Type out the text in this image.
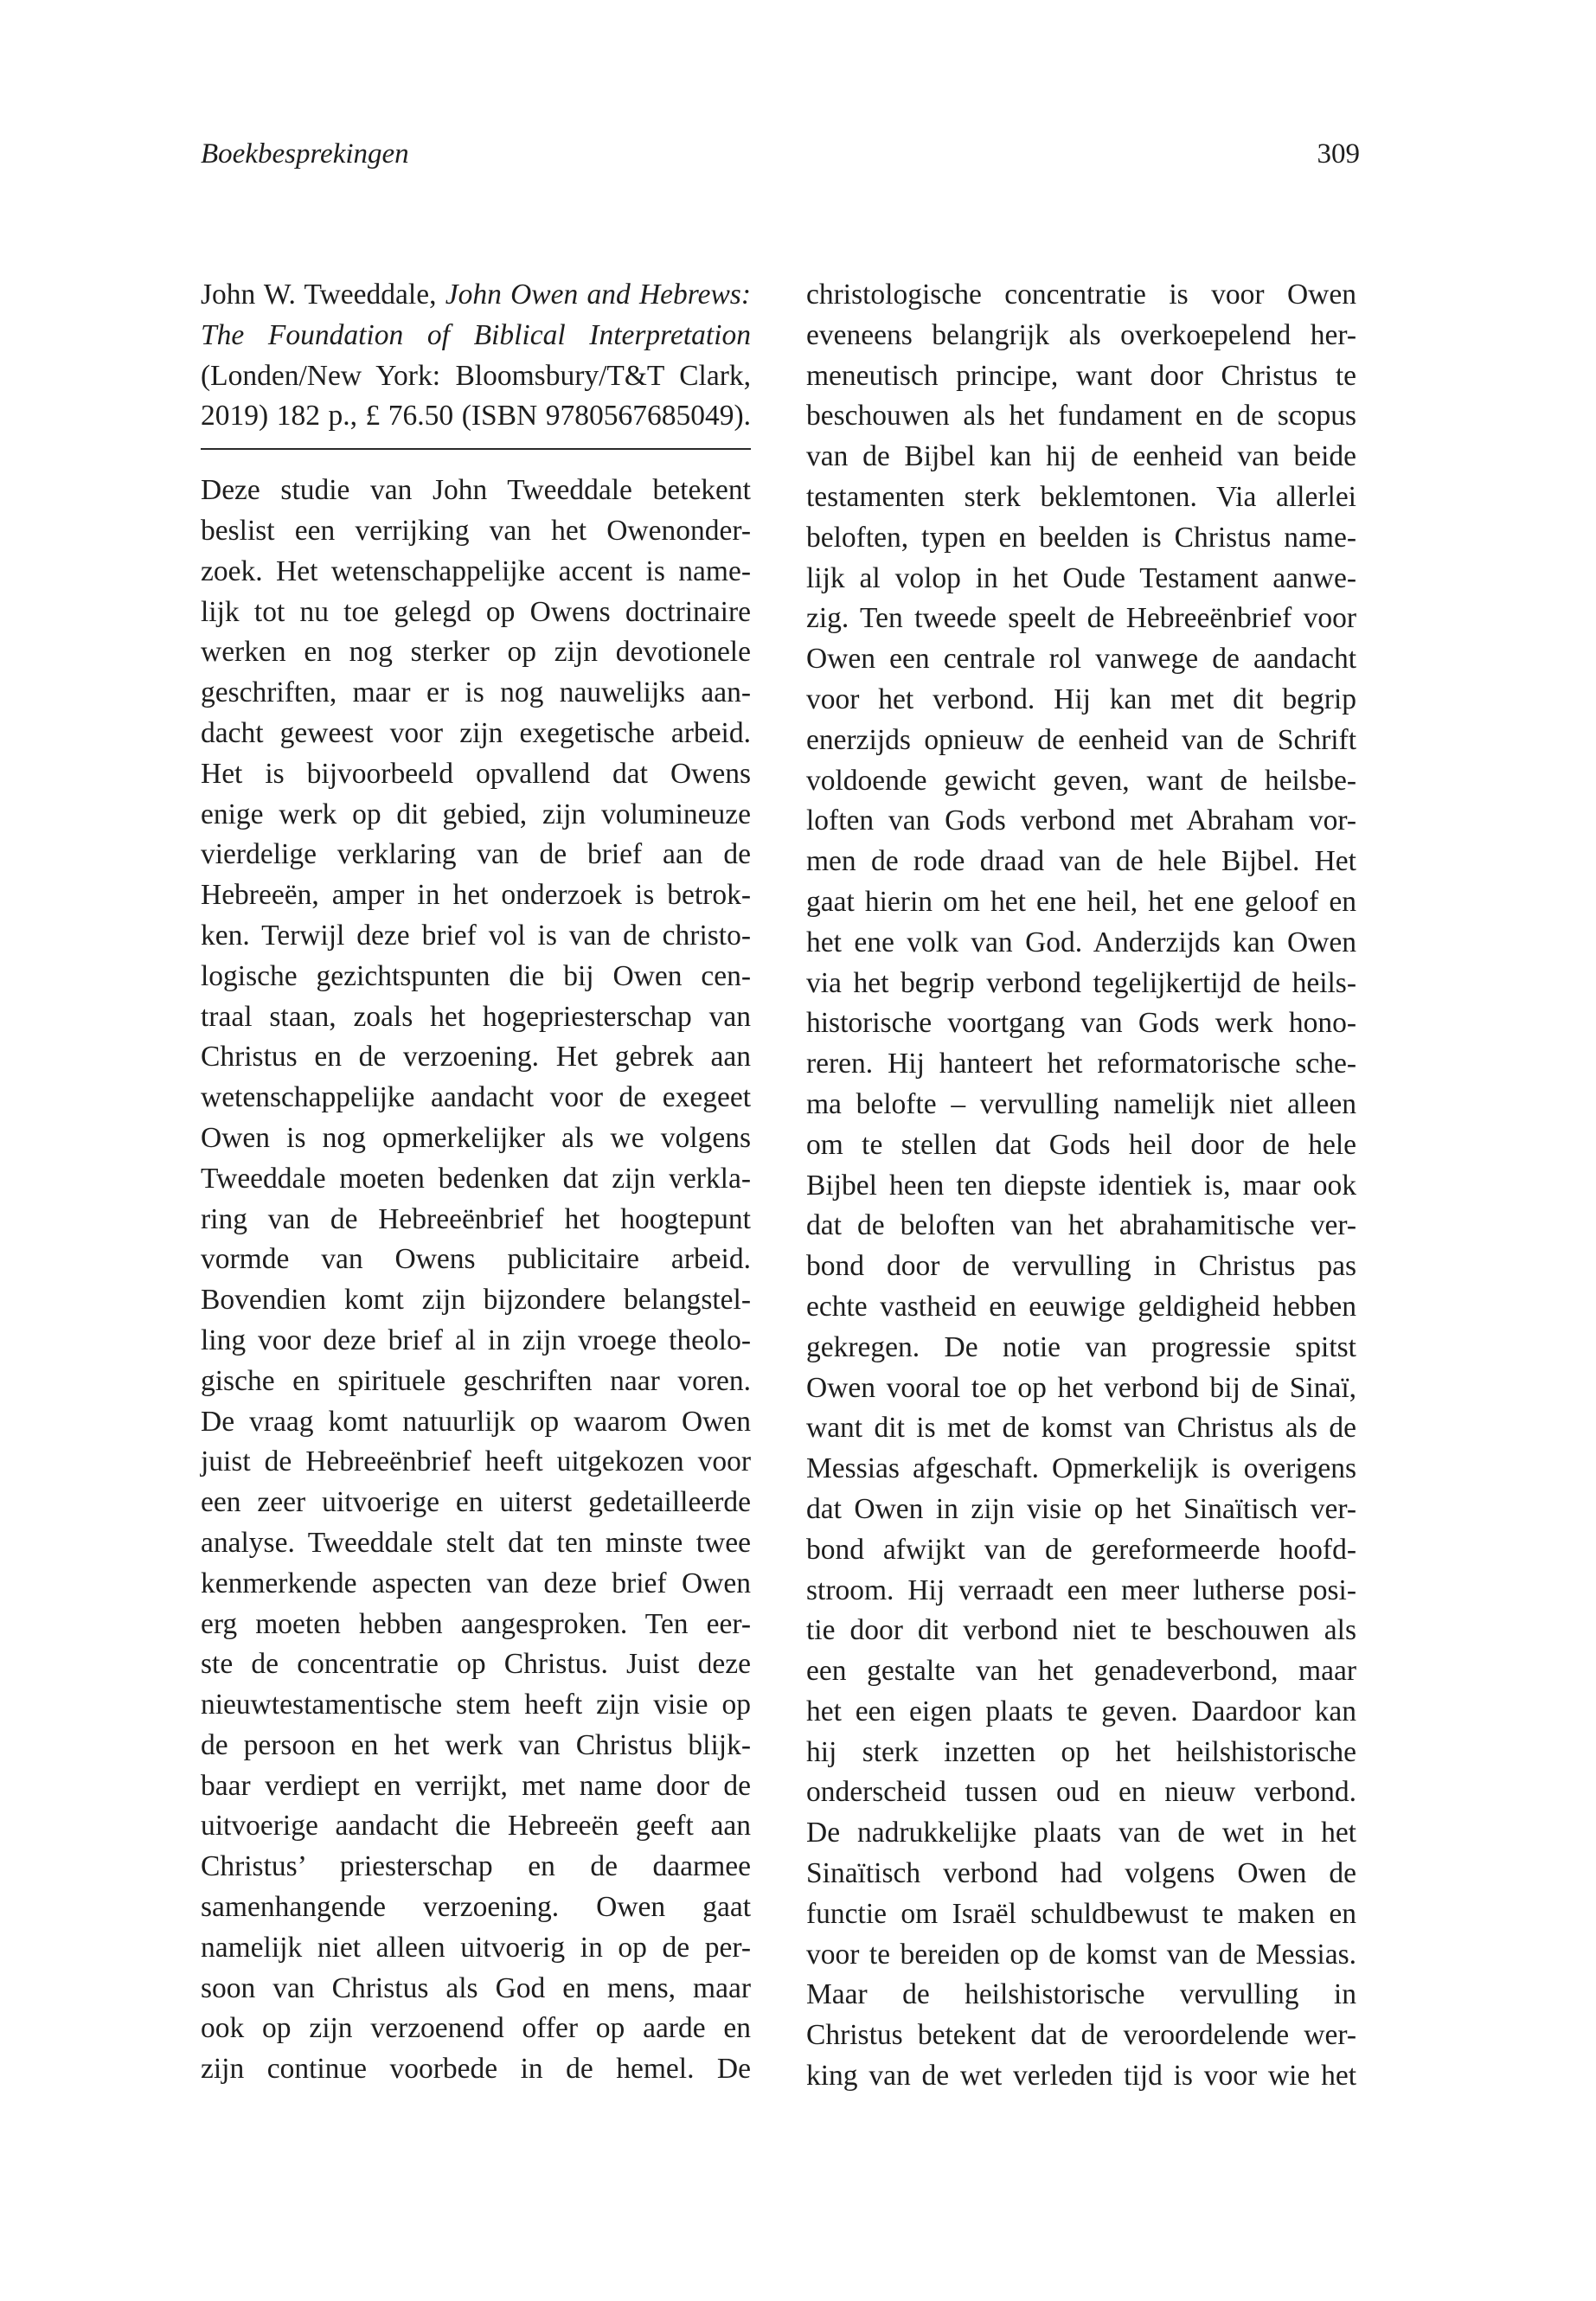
Boekbesprekingen	309
John W. Tweeddale, John Owen and Hebrews:
The Foundation of Biblical Interpretation
(Londen/New York: Bloomsbury/T&T Clark,
2019) 182 p., £ 76.50 (ISBN 9780567685049).
Deze studie van John Tweeddale betekent
beslist een verrijking van het Owenonder-
zoek. Het wetenschappelijke accent is name-
lijk tot nu toe gelegd op Owens doctrinaire
werken en nog sterker op zijn devotionele
geschriften, maar er is nog nauwelijks aan-
dacht geweest voor zijn exegetische arbeid.
Het is bijvoorbeeld opvallend dat Owens
enige werk op dit gebied, zijn volumineuze
vierdelige verklaring van de brief aan de
Hebreeën, amper in het onderzoek is betrok-
ken. Terwijl deze brief vol is van de christo-
logische gezichtspunten die bij Owen cen-
traal staan, zoals het hogepriesterschap van
Christus en de verzoening. Het gebrek aan
wetenschappelijke aandacht voor de exegeet
Owen is nog opmerkelijker als we volgens
Tweeddale moeten bedenken dat zijn verkla-
ring van de Hebreeënbrief het hoogtepunt
vormde van Owens publicitaire arbeid.
Bovendien komt zijn bijzondere belangstel-
ling voor deze brief al in zijn vroege theolo-
gische en spirituele geschriften naar voren.
De vraag komt natuurlijk op waarom Owen
juist de Hebreeënbrief heeft uitgekozen voor
een zeer uitvoerige en uiterst gedetailleerde
analyse. Tweeddale stelt dat ten minste twee
kenmerkende aspecten van deze brief Owen
erg moeten hebben aangesproken. Ten eer-
ste de concentratie op Christus. Juist deze
nieuwtestamentische stem heeft zijn visie op
de persoon en het werk van Christus blijk-
baar verdiept en verrijkt, met name door de
uitvoerige aandacht die Hebreeën geeft aan
Christus’ priesterschap en de daarmee
samenhangende verzoening. Owen gaat
namelijk niet alleen uitvoerig in op de per-
soon van Christus als God en mens, maar
ook op zijn verzoenend offer op aarde en
zijn continue voorbede in de hemel. De
christologische concentratie is voor Owen
eveneens belangrijk als overkoepelend her-
meneutisch principe, want door Christus te
beschouwen als het fundament en de scopus
van de Bijbel kan hij de eenheid van beide
testamenten sterk beklemtonen. Via allerlei
beloften, typen en beelden is Christus name-
lijk al volop in het Oude Testament aanwe-
zig. Ten tweede speelt de Hebreeënbrief voor
Owen een centrale rol vanwege de aandacht
voor het verbond. Hij kan met dit begrip
enerzijds opnieuw de eenheid van de Schrift
voldoende gewicht geven, want de heilsbe-
loften van Gods verbond met Abraham vor-
men de rode draad van de hele Bijbel. Het
gaat hierin om het ene heil, het ene geloof en
het ene volk van God. Anderzijds kan Owen
via het begrip verbond tegelijkertijd de heils-
historische voortgang van Gods werk hono-
reren. Hij hanteert het reformatorische sche-
ma belofte – vervulling namelijk niet alleen
om te stellen dat Gods heil door de hele
Bijbel heen ten diepste identiek is, maar ook
dat de beloften van het abrahamitische ver-
bond door de vervulling in Christus pas
echte vastheid en eeuwige geldigheid hebben
gekregen. De notie van progressie spitst
Owen vooral toe op het verbond bij de Sinaï,
want dit is met de komst van Christus als de
Messias afgeschaft. Opmerkelijk is overigens
dat Owen in zijn visie op het Sinaïtisch ver-
bond afwijkt van de gereformeerde hoofd-
stroom. Hij verraadt een meer lutherse posi-
tie door dit verbond niet te beschouwen als
een gestalte van het genadeverbond, maar
het een eigen plaats te geven. Daardoor kan
hij sterk inzetten op het heilshistorische
onderscheid tussen oud en nieuw verbond.
De nadrukkelijke plaats van de wet in het
Sinaïtisch verbond had volgens Owen de
functie om Israël schuldbewust te maken en
voor te bereiden op de komst van de Messias.
Maar de heilshistorische vervulling in
Christus betekent dat de veroordelende wer-
king van de wet verleden tijd is voor wie het
